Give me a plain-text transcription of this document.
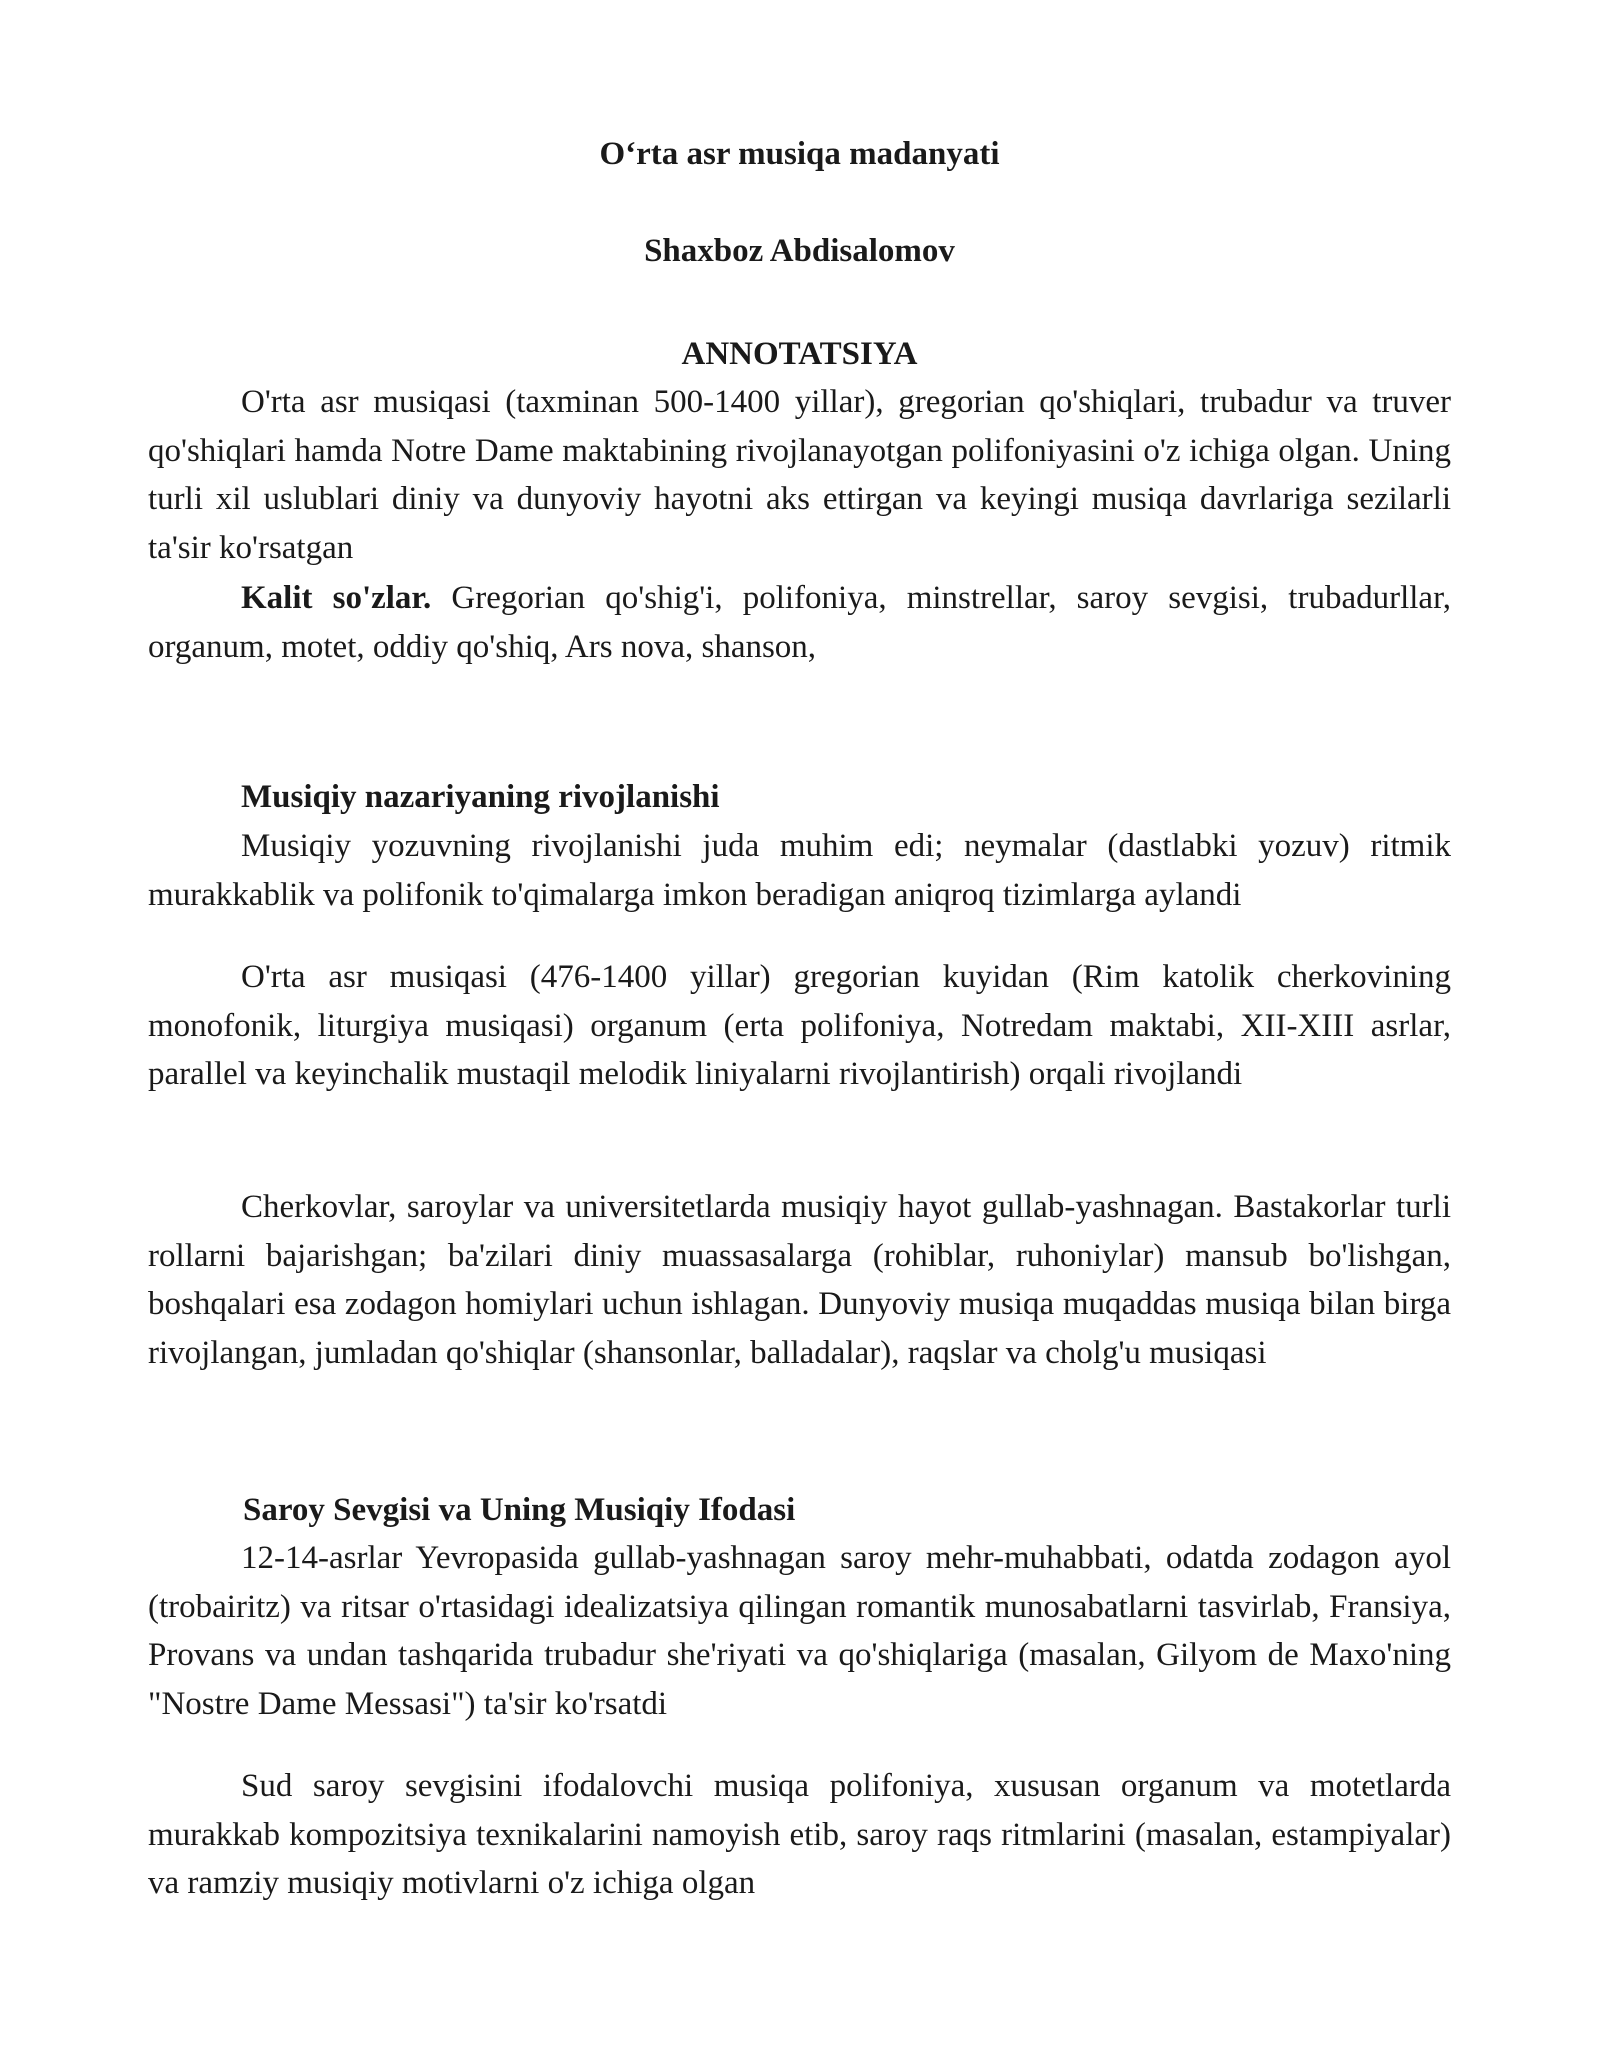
O‘rta asr musiqa madanyati
Shaxboz Abdisalomov
ANNOTATSIYA

O'rta asr musiqasi (taxminan 500-1400 yillar), gregorian qo'shiqlari, trubadur va truver qo'shiqlari hamda Notre Dame maktabining rivojlanayotgan polifoniyasini o'z ichiga olgan. Uning turli xil uslublari diniy va dunyoviy hayotni aks ettirgan va keyingi musiqa davrlariga sezilarli ta'sir ko'rsatgan

Kalit so'zlar. Gregorian qo'shig'i, polifoniya, minstrellar, saroy sevgisi, trubadurllar, organum, motet, oddiy qo'shiq, Ars nova, shanson,

Musiqiy nazariyaning rivojlanishi

Musiqiy yozuvning rivojlanishi juda muhim edi; neymalar (dastlabki yozuv) ritmik murakkablik va polifonik to'qimalarga imkon beradigan aniqroq tizimlarga aylandi

O'rta asr musiqasi (476-1400 yillar) gregorian kuyidan (Rim katolik cherkovining monofonik, liturgiya musiqasi) organum (erta polifoniya, Notredam maktabi, XII-XIII asrlar, parallel va keyinchalik mustaqil melodik liniyalarni rivojlantirish) orqali rivojlandi

Cherkovlar, saroylar va universitetlarda musiqiy hayot gullab-yashnagan. Bastakorlar turli rollarni bajarishgan; ba'zilari diniy muassasalarga (rohiblar, ruhoniylar) mansub bo'lishgan, boshqalari esa zodagon homiylari uchun ishlagan. Dunyoviy musiqa muqaddas musiqa bilan birga rivojlangan, jumladan qo'shiqlar (shansonlar, balladalar), raqslar va cholg'u musiqasi

Saroy Sevgisi va Uning Musiqiy Ifodasi

12-14-asrlar Yevropasida gullab-yashnagan saroy mehr-muhabbati, odatda zodagon ayol (trobairitz) va ritsar o'rtasidagi idealizatsiya qilingan romantik munosabatlarni tasvirlab, Fransiya, Provans va undan tashqarida trubadur she'riyati va qo'shiqlariga (masalan, Gilyom de Maxo'ning "Nostre Dame Messasi") ta'sir ko'rsatdi

Sud saroy sevgisini ifodalovchi musiqa polifoniya, xususan organum va motetlarda murakkab kompozitsiya texnikalarini namoyish etib, saroy raqs ritmlarini (masalan, estampiyalar) va ramziy musiqiy motivlarni o'z ichiga olgan
